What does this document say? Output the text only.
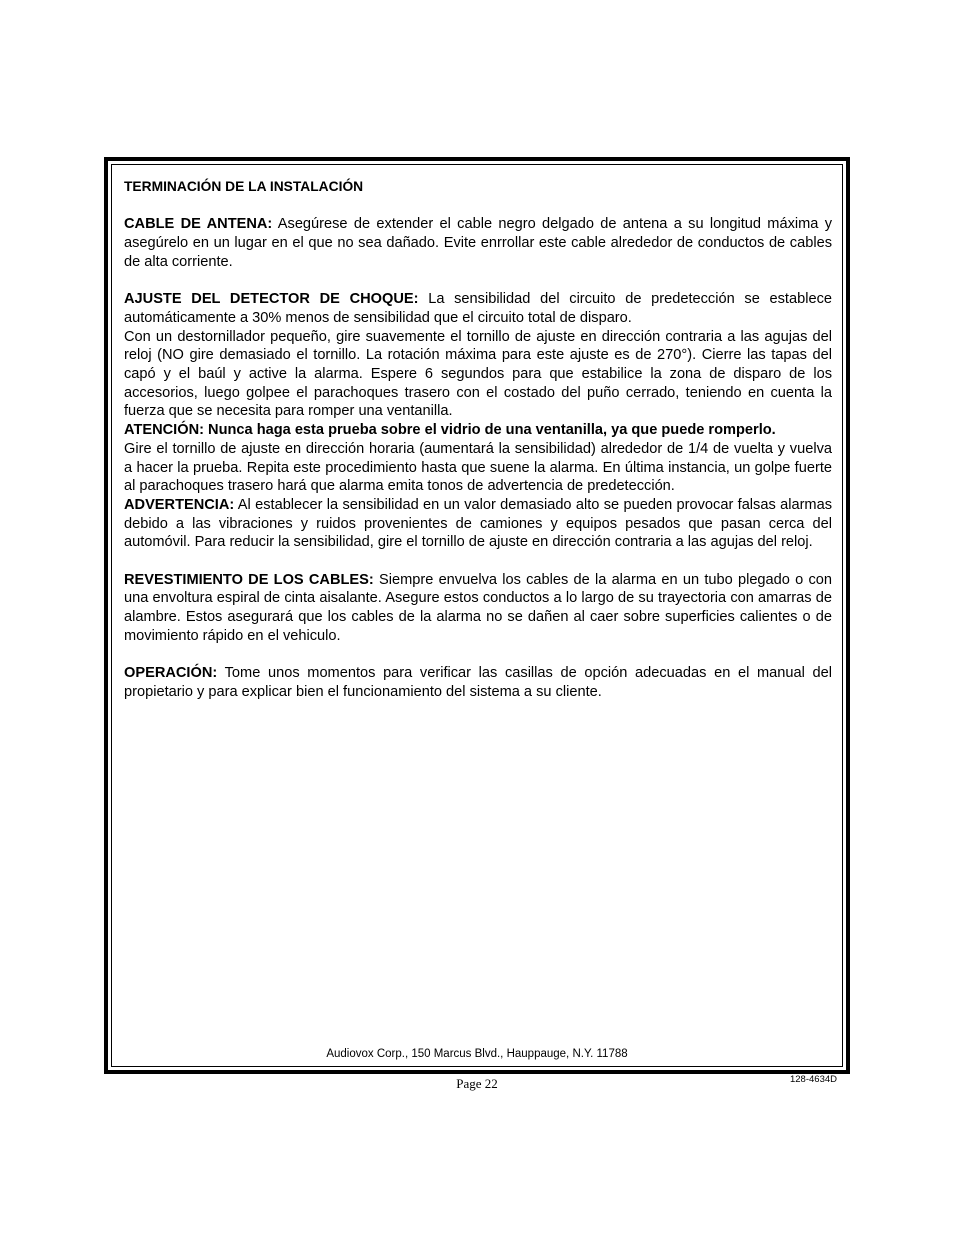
TERMINACIÓN DE LA INSTALACIÓN

CABLE DE ANTENA: Asegúrese de extender el cable negro delgado de antena a su longitud máxima y asegúrelo en un lugar en el que no sea dañado. Evite enrrollar este cable alrededor de conductos de cables de alta corriente.

AJUSTE DEL DETECTOR DE CHOQUE: La sensibilidad del circuito de predetección se establece automáticamente a 30% menos de sensibilidad que el circuito total de disparo.

Con un destornillador pequeño, gire suavemente el tornillo de ajuste en dirección contraria a las agujas del reloj (NO gire demasiado el tornillo. La rotación máxima para este ajuste es de 270°). Cierre las tapas del capó y el baúl y active la alarma. Espere 6 segundos para que estabilice la zona de disparo de los accesorios, luego golpee el parachoques trasero con el costado del puño cerrado, teniendo en cuenta la fuerza que se necesita para romper una ventanilla.

ATENCIÓN: Nunca haga esta prueba sobre el vidrio de una ventanilla, ya que puede romperlo.

Gire el tornillo de ajuste en dirección horaria (aumentará la sensibilidad) alrededor de 1/4 de vuelta y vuelva a hacer la prueba. Repita este procedimiento hasta que suene la alarma. En última instancia, un golpe fuerte al parachoques trasero hará que alarma emita tonos de advertencia de predetección.

ADVERTENCIA: Al establecer la sensibilidad en un valor demasiado alto se pueden provocar falsas alarmas debido a las vibraciones y ruidos provenientes de camiones y equipos pesados que pasan cerca del automóvil. Para reducir la sensibilidad, gire el tornillo de ajuste en dirección contraria a las agujas del reloj.

REVESTIMIENTO DE LOS CABLES: Siempre envuelva los cables de la alarma en un tubo plegado o con una envoltura espiral de cinta aisalante. Asegure estos conductos a lo largo de su trayectoria con amarras de alambre. Estos asegurará que los cables de la alarma no se dañen al caer sobre superficies calientes o de movimiento rápido en el vehiculo.

OPERACIÓN: Tome unos momentos para verificar las casillas de opción adecuadas en el manual del propietario y para explicar bien el funcionamiento del sistema a su cliente.

Audiovox Corp., 150 Marcus Blvd., Hauppauge, N.Y. 11788
Page 22	128-4634D
